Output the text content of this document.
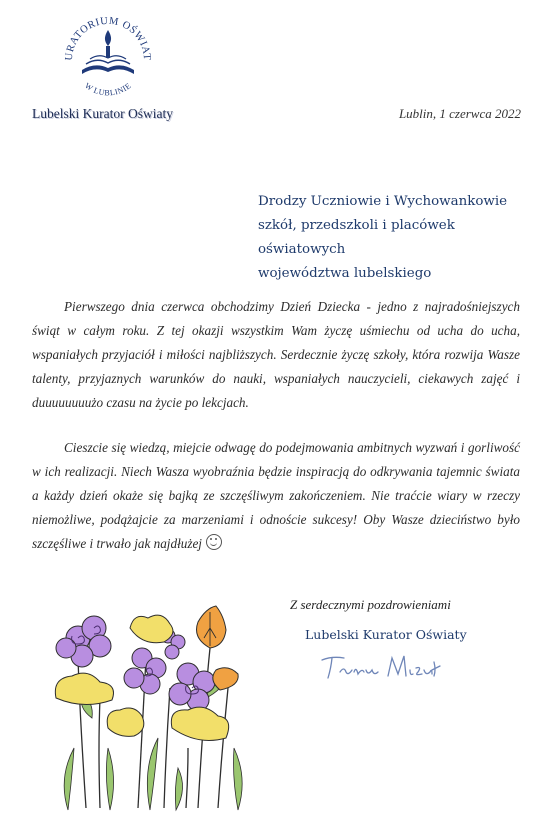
URATORIUM OŚWIAT
W LUBLINIE
Lubelski Kurator Oświaty	Lublin, 1 czerwca 2022
Drodzy Uczniowie i Wychowankowie
szkół, przedszkoli i placówek oświatowych
województwa lubelskiego
Pierwszego dnia czerwca obchodzimy Dzień Dziecka - jedno z najradośniejszych świąt w całym roku. Z tej okazji wszystkim Wam życzę uśmiechu od ucha do ucha, wspaniałych przyjaciół i miłości najbliższych. Serdecznie życzę szkoły, która rozwija Wasze talenty, przyjaznych warunków do nauki, wspaniałych nauczycieli, ciekawych zajęć i duuuuuuuużo czasu na życie po lekcjach.
Cieszcie się wiedzą, miejcie odwagę do podejmowania ambitnych wyzwań i gorliwość w ich realizacji. Niech Wasza wyobraźnia będzie inspiracją do odkrywania tajemnic świata a każdy dzień okaże się bajką ze szczęśliwym zakończeniem. Nie traćcie wiary w rzeczy niemożliwe, podążajcie za marzeniami i odnoście sukcesy! Oby Wasze dzieciństwo było szczęśliwe i trwało jak najdłużej
Z serdecznymi pozdrowieniami
Lubelski Kurator Oświaty
